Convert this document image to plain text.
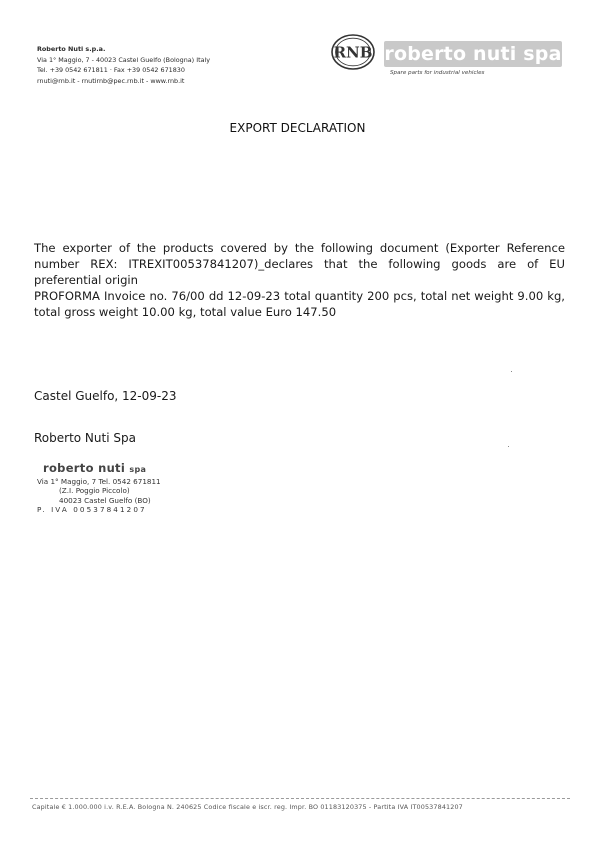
Roberto Nuti s.p.a.
Via 1° Maggio, 7 - 40023 Castel Guelfo (Bologna) Italy
Tel. +39 0542 671811 · Fax +39 0542 671830
rnuti@rnb.it - rnutirnb@pec.rnb.it - www.rnb.it
RNB roberto nuti spa
Spare parts for industrial vehicles
EXPORT DECLARATION

The exporter of the products covered by the following document (Exporter Reference number REX: ITREXIT00537841207)_declares that the following goods are of EU preferential origin

PROFORMA Invoice no. 76/00 dd 12-09-23 total quantity 200 pcs, total net weight 9.00 kg, total gross weight 10.00 kg, total value Euro 147.50

Castel Guelfo, 12-09-23
Roberto Nuti Spa
roberto nuti spa
Via 1° Maggio, 7 Tel. 0542 671811
(Z.I. Poggio Piccolo)
40023 Castel Guelfo (BO)
P. IVA 00537841207
Capitale € 1.000.000 i.v. R.E.A. Bologna N. 240625 Codice fiscale e iscr. reg. Impr. BO 01183120375 - Partita IVA IT00537841207
